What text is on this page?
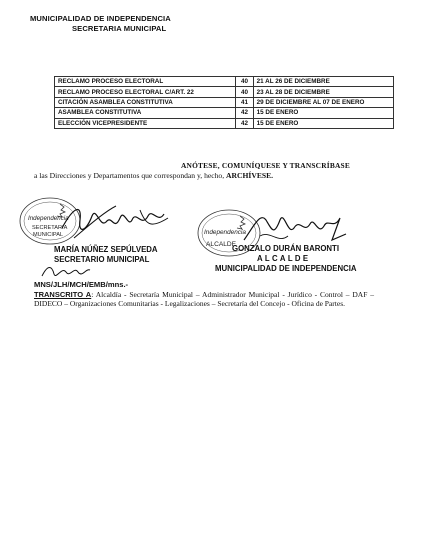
MUNICIPALIDAD DE INDEPENDENCIA
SECRETARIA MUNICIPAL
RECLAMO PROCESO ELECTORAL	40	21 AL 26 DE DICIEMBRE
RECLAMO PROCESO ELECTORAL C/ART. 22	40	23 AL 28 DE DICIEMBRE
CITACIÓN ASAMBLEA CONSTITUTIVA	41	29 DE DICIEMBRE AL 07 DE ENERO
ASAMBLEA CONSTITUTIVA	42	15 DE ENERO
ELECCIÓN VICEPRESIDENTE	42	15 DE ENERO
ANÓTESE, COMUNÍQUESE Y TRANSCRÍBASE
a las Direcciones y Departamentos que correspondan y, hecho, ARCHÍVESE.
Independencia
SECRETARIA
MUNICIPAL	Independencia
ALCALDE
MARÍA NÚÑEZ SEPÚLVEDA
SECRETARIO MUNICIPAL
GONZALO DURÁN BARONTI
ALCALDE
MUNICIPALIDAD DE INDEPENDENCIA
MNS/JLH/MCH/EMB/mns.-
TRANSCRITO A: Alcaldía - Secretaría Municipal – Administrador Municipal - Jurídico - Control – DAF – DIDECO – Organizaciones Comunitarias - Legalizaciones – Secretaría del Concejo - Oficina de Partes.
